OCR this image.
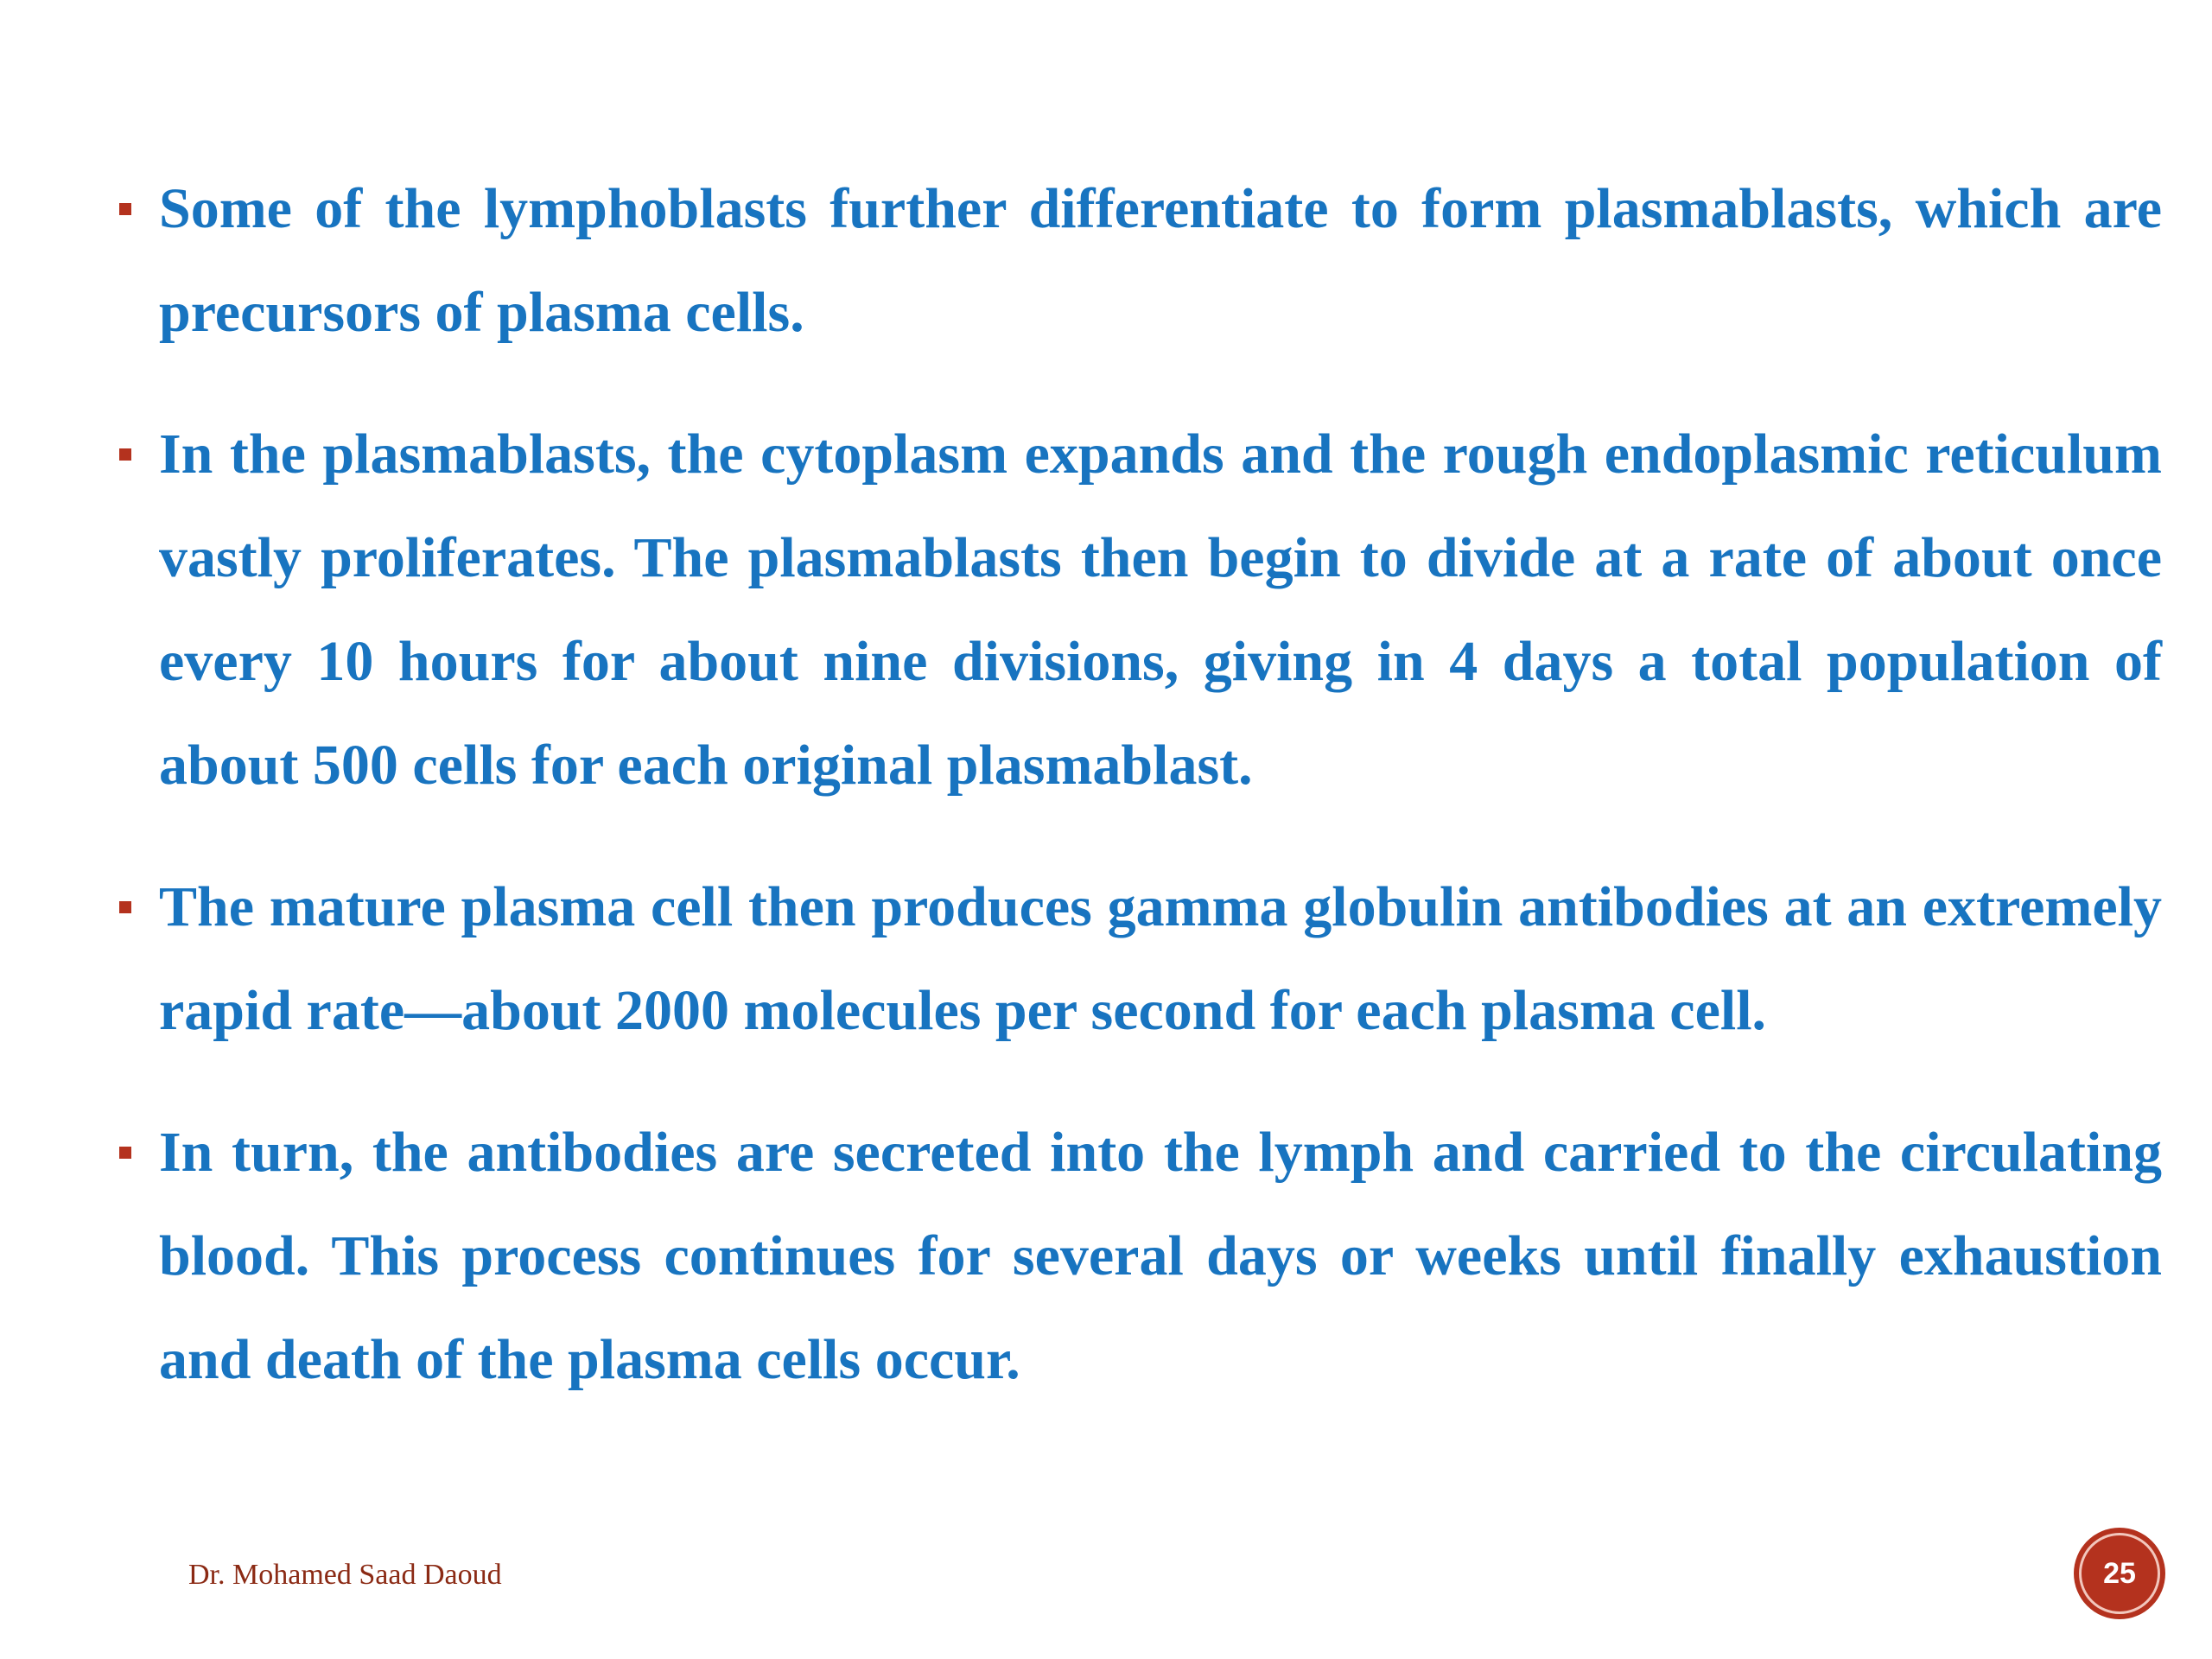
Some of the lymphoblasts further differentiate to form plasmablasts, which are precursors of plasma cells.
In the plasmablasts, the cytoplasm expands and the rough endoplasmic reticulum vastly proliferates. The plasmablasts then begin to divide at a rate of about once every 10 hours for about nine divisions, giving in 4 days a total population of about 500 cells for each original plasmablast.
The mature plasma cell then produces gamma globulin antibodies at an extremely rapid rate—about 2000 molecules per second for each plasma cell.
In turn, the antibodies are secreted into the lymph and carried to the circulating blood. This process continues for several days or weeks until finally exhaustion and death of the plasma cells occur.
Dr. Mohamed Saad Daoud	25
